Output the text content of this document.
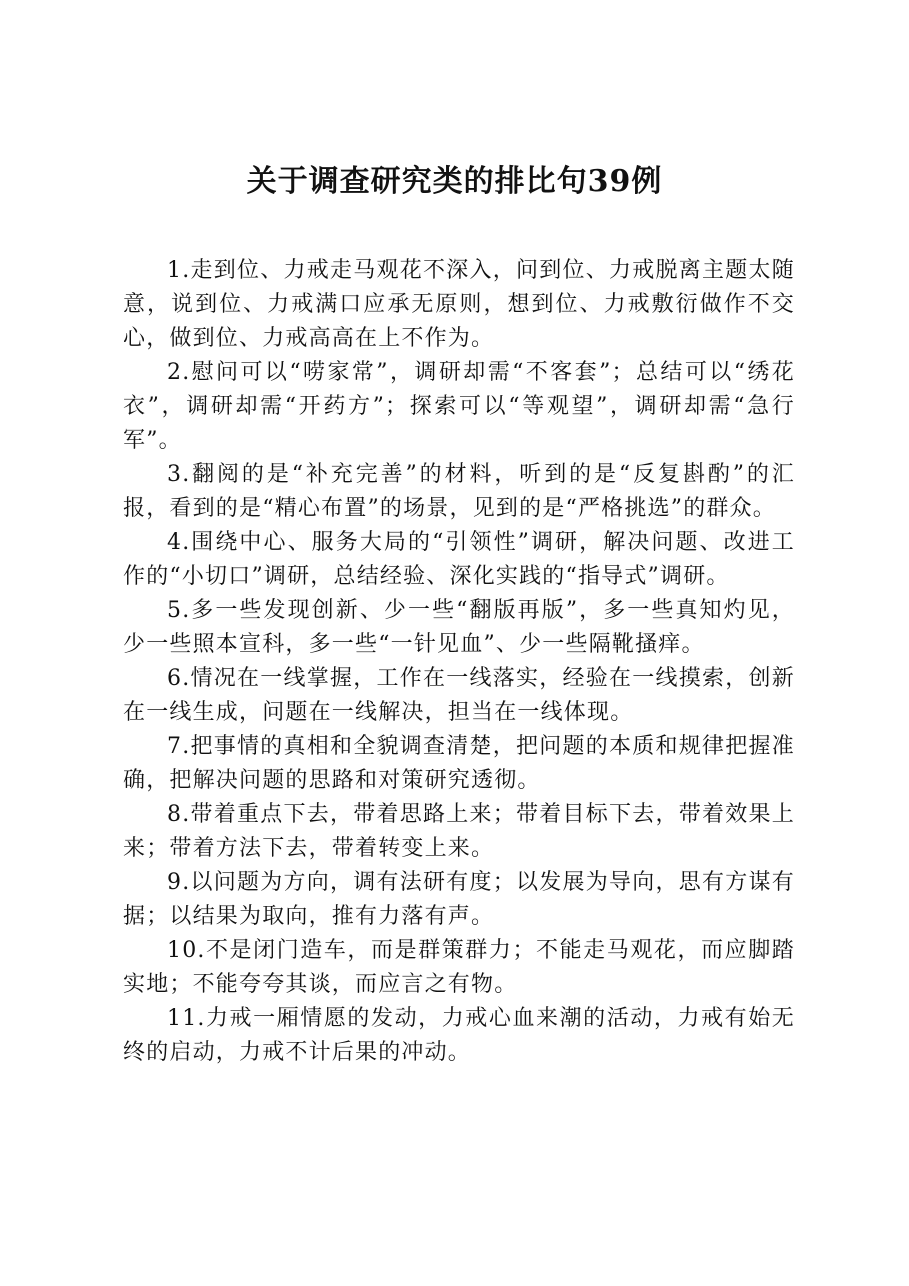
关于调查研究类的排比句39例

1.走到位、力戒走马观花不深入，问到位、力戒脱离主题太随意，说到位、力戒满口应承无原则，想到位、力戒敷衍做作不交心，做到位、力戒高高在上不作为。

2.慰问可以“唠家常”，调研却需“不客套”；总结可以“绣花衣”，调研却需“开药方”；探索可以“等观望”，调研却需“急行军”。

3.翻阅的是“补充完善”的材料，听到的是“反复斟酌”的汇报，看到的是“精心布置”的场景，见到的是“严格挑选”的群众。

4.围绕中心、服务大局的“引领性”调研，解决问题、改进工作的“小切口”调研，总结经验、深化实践的“指导式”调研。

5.多一些发现创新、少一些“翻版再版”，多一些真知灼见，少一些照本宣科，多一些“一针见血”、少一些隔靴搔痒。

6.情况在一线掌握，工作在一线落实，经验在一线摸索，创新在一线生成，问题在一线解决，担当在一线体现。

7.把事情的真相和全貌调查清楚，把问题的本质和规律把握准确，把解决问题的思路和对策研究透彻。

8.带着重点下去，带着思路上来；带着目标下去，带着效果上来；带着方法下去，带着转变上来。

9.以问题为方向，调有法研有度；以发展为导向，思有方谋有据；以结果为取向，推有力落有声。

10.不是闭门造车，而是群策群力；不能走马观花，而应脚踏实地；不能夸夸其谈，而应言之有物。

11.力戒一厢情愿的发动，力戒心血来潮的活动，力戒有始无终的启动，力戒不计后果的冲动。
